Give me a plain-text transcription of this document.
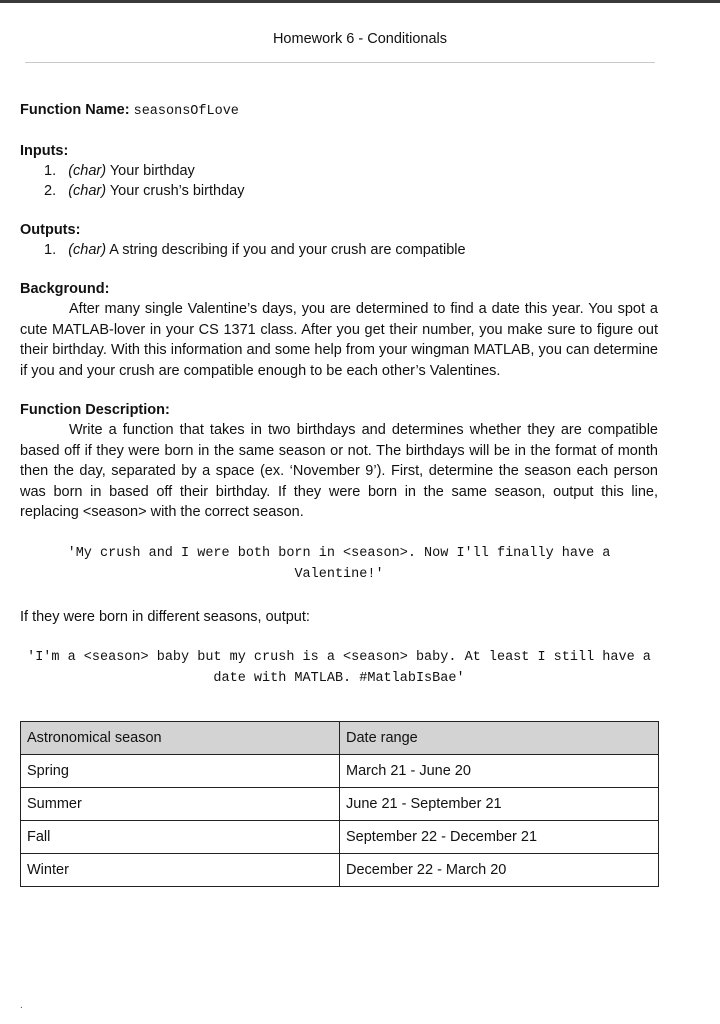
Homework 6 - Conditionals
Function Name: seasonsOfLove
Inputs:
1. (char) Your birthday
2. (char) Your crush’s birthday
Outputs:
1. (char) A string describing if you and your crush are compatible
Background:

After many single Valentine’s days, you are determined to find a date this year. You spot a cute MATLAB-lover in your CS 1371 class. After you get their number, you make sure to figure out their birthday. With this information and some help from your wingman MATLAB, you can determine if you and your crush are compatible enough to be each other’s Valentines.

Function Description:

Write a function that takes in two birthdays and determines whether they are compatible based off if they were born in the same season or not. The birthdays will be in the format of month then the day, separated by a space (ex. ‘November 9’). First, determine the season each person was born in based off their birthday. If they were born in the same season, output this line, replacing <season> with the correct season.

'My crush and I were both born in <season>. Now I'll finally have a Valentine!'

If they were born in different seasons, output:

'I'm a <season> baby but my crush is a <season> baby. At least I still have a date with MATLAB. #MatlabIsBae'

Astronomical season	Date range
Spring	March 21 - June 20
Summer	June 21 - September 21
Fall	September 22 - December 21
Winter	December 22 - March 20
.
